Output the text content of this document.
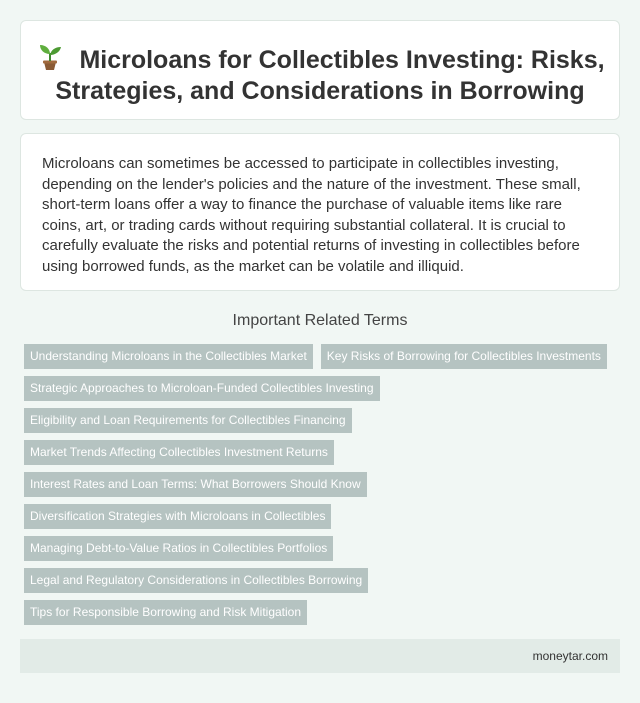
Microloans for Collectibles Investing: Risks, Strategies, and Considerations in Borrowing

Microloans can sometimes be accessed to participate in collectibles investing, depending on the lender's policies and the nature of the investment. These small, short-term loans offer a way to finance the purchase of valuable items like rare coins, art, or trading cards without requiring substantial collateral. It is crucial to carefully evaluate the risks and potential returns of investing in collectibles before using borrowed funds, as the market can be volatile and illiquid.

Important Related Terms
Understanding Microloans in the Collectibles Market	Key Risks of Borrowing for Collectibles Investments
Strategic Approaches to Microloan-Funded Collectibles Investing
Eligibility and Loan Requirements for Collectibles Financing
Market Trends Affecting Collectibles Investment Returns
Interest Rates and Loan Terms: What Borrowers Should Know
Diversification Strategies with Microloans in Collectibles
Managing Debt-to-Value Ratios in Collectibles Portfolios
Legal and Regulatory Considerations in Collectibles Borrowing
Tips for Responsible Borrowing and Risk Mitigation
moneytar.com
